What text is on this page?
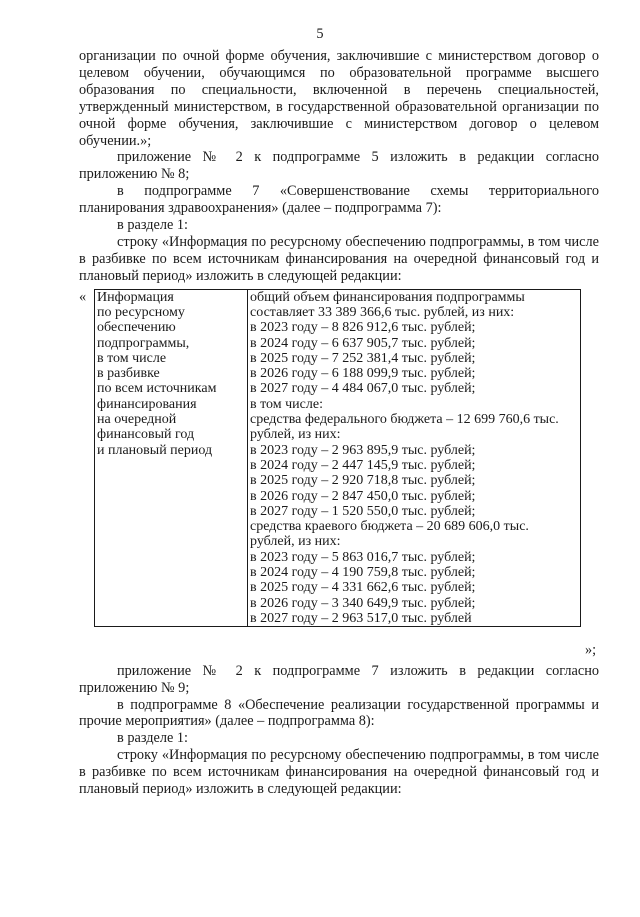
5

организации по очной форме обучения, заключившие с министерством договор о целевом обучении, обучающимся по образовательной программе высшего образования по специальности, включенной в перечень специальностей, утвержденный министерством, в государственной образовательной организации по очной форме обучения, заключившие с министерством договор о целевом обучении.»;

приложение № 2 к подпрограмме 5 изложить в редакции согласно приложению № 8;

в подпрограмме 7 «Совершенствование схемы территориального планирования здравоохранения» (далее – подпрограмма 7):

в разделе 1:

строку «Информация по ресурсному обеспечению подпрограммы, в том числе в разбивке по всем источникам финансирования на очередной финансовый год и плановый период» изложить в следующей редакции:

« Информация
по ресурсному
обеспечению
подпрограммы,
в том числе
в разбивке
по всем источникам
финансирования
на очередной
финансовый год
и плановый период

общий объем финансирования подпрограммы
составляет 33 389 366,6 тыс. рублей, из них:
в 2023 году – 8 826 912,6 тыс. рублей;
в 2024 году – 6 637 905,7 тыс. рублей;
в 2025 году – 7 252 381,4 тыс. рублей;
в 2026 году – 6 188 099,9 тыс. рублей;
в 2027 году – 4 484 067,0 тыс. рублей;
в том числе:
средства федерального бюджета – 12 699 760,6 тыс.
рублей, из них:
в 2023 году – 2 963 895,9 тыс. рублей;
в 2024 году – 2 447 145,9 тыс. рублей;
в 2025 году – 2 920 718,8 тыс. рублей;
в 2026 году – 2 847 450,0 тыс. рублей;
в 2027 году – 1 520 550,0 тыс. рублей;
средства краевого бюджета – 20 689 606,0 тыс.
рублей, из них:
в 2023 году – 5 863 016,7 тыс. рублей;
в 2024 году – 4 190 759,8 тыс. рублей;
в 2025 году – 4 331 662,6 тыс. рублей;
в 2026 году – 3 340 649,9 тыс. рублей;
в 2027 году – 2 963 517,0 тыс. рублей
»;

приложение № 2 к подпрограмме 7 изложить в редакции согласно приложению № 9;

в подпрограмме 8 «Обеспечение реализации государственной программы и прочие мероприятия» (далее – подпрограмма 8):

в разделе 1:

строку «Информация по ресурсному обеспечению подпрограммы, в том числе в разбивке по всем источникам финансирования на очередной финансовый год и плановый период» изложить в следующей редакции:
